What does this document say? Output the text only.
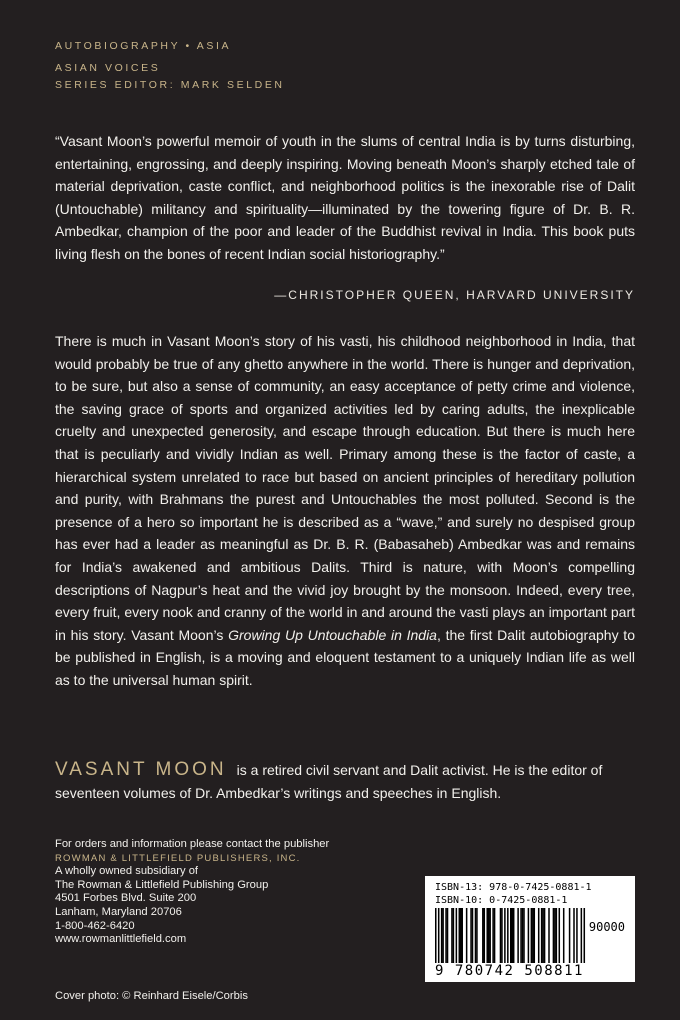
AUTOBIOGRAPHY • ASIA
ASIAN VOICES
SERIES EDITOR: MARK SELDEN
“Vasant Moon’s powerful memoir of youth in the slums of central India is by turns disturbing, entertaining, engrossing, and deeply inspiring. Moving beneath Moon’s sharply etched tale of material deprivation, caste conflict, and neighborhood politics is the inexorable rise of Dalit (Untouchable) militancy and spirituality—illuminated by the towering figure of Dr. B. R. Ambedkar, champion of the poor and leader of the Buddhist revival in India. This book puts living flesh on the bones of recent Indian social historiography.”
—CHRISTOPHER QUEEN, HARVARD UNIVERSITY
There is much in Vasant Moon’s story of his vasti, his childhood neighborhood in India, that would probably be true of any ghetto anywhere in the world. There is hunger and deprivation, to be sure, but also a sense of community, an easy acceptance of petty crime and violence, the saving grace of sports and organized activities led by caring adults, the inexplicable cruelty and unexpected generosity, and escape through education. But there is much here that is peculiarly and vividly Indian as well. Primary among these is the factor of caste, a hierarchical system unrelated to race but based on ancient principles of hereditary pollution and purity, with Brahmans the purest and Untouchables the most polluted. Second is the presence of a hero so important he is described as a “wave,” and surely no despised group has ever had a leader as meaningful as Dr. B. R. (Babasaheb) Ambedkar was and remains for India’s awakened and ambitious Dalits. Third is nature, with Moon’s compelling descriptions of Nagpur’s heat and the vivid joy brought by the monsoon. Indeed, every tree, every fruit, every nook and cranny of the world in and around the vasti plays an important part in his story. Vasant Moon’s Growing Up Untouchable in India, the first Dalit autobiography to be published in English, is a moving and eloquent testament to a uniquely Indian life as well as to the universal human spirit.
VASANT MOON is a retired civil servant and Dalit activist. He is the editor of seventeen volumes of Dr. Ambedkar’s writings and speeches in English.
For orders and information please contact the publisher
ROWMAN & LITTLEFIELD PUBLISHERS, INC.
A wholly owned subsidiary of
The Rowman & Littlefield Publishing Group
4501 Forbes Blvd. Suite 200
Lanham, Maryland 20706
1-800-462-6420
www.rowmanlittlefield.com
Cover photo: © Reinhard Eisele/Corbis
ISBN-13: 978-0-7425-0881-1
ISBN-10: 0-7425-0881-1
90000
9 780742 508811
